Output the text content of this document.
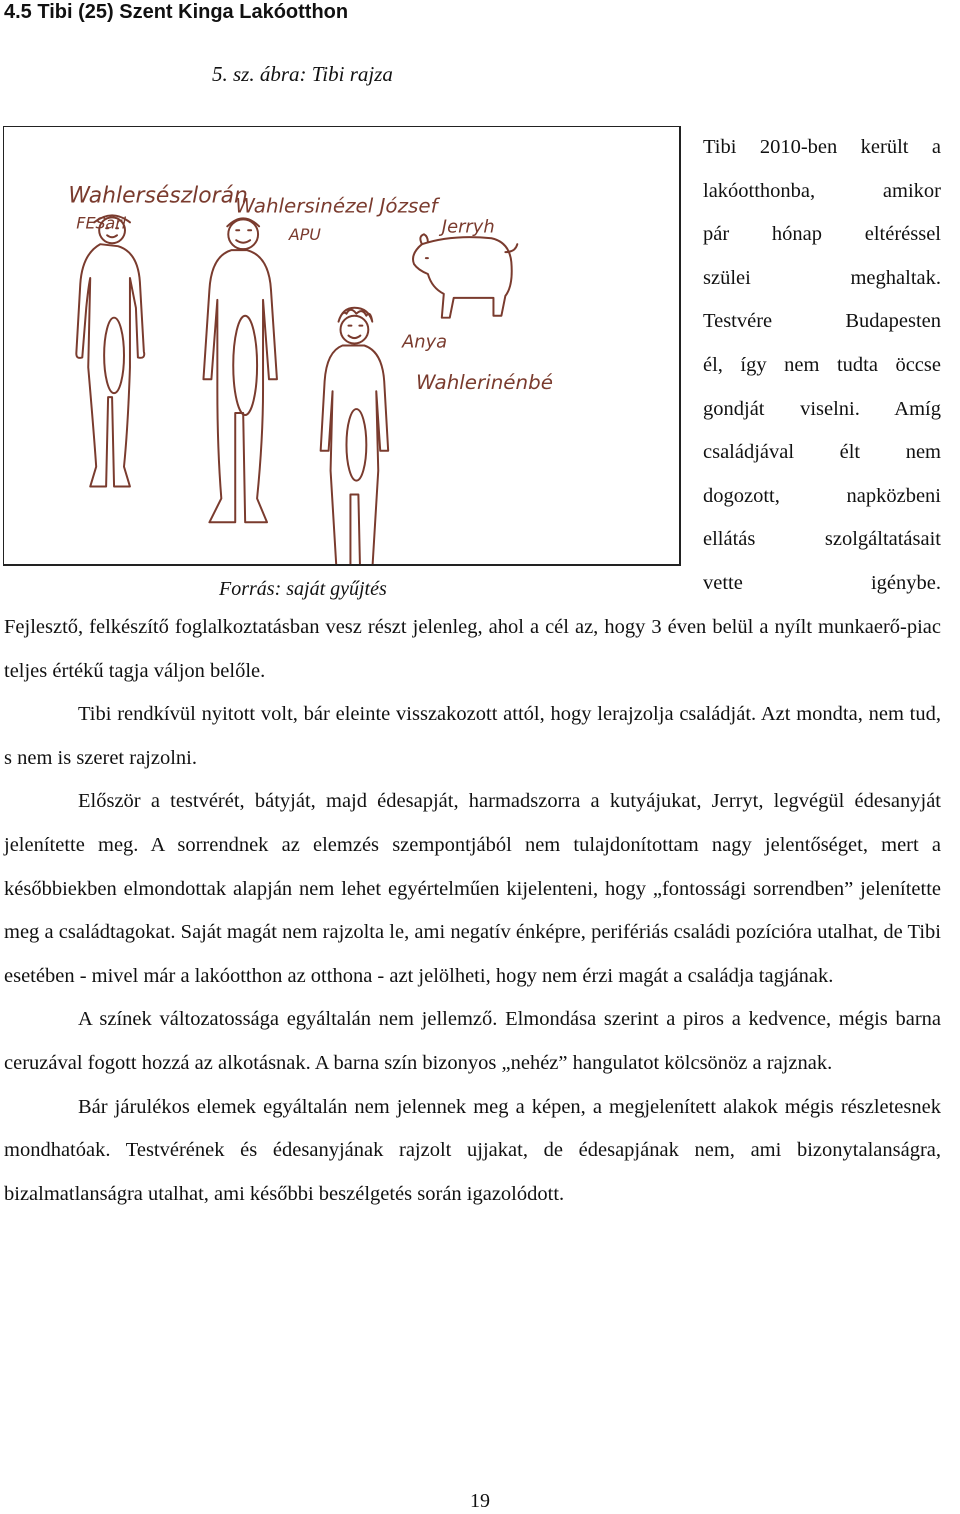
4.5 Tibi (25) Szent Kinga Lakóotthon
5. sz. ábra: Tibi rajza
Wahlersészlorán
FESari
Wahlersinézel József
APU	Jerryh
Anya
Wahlerinénbé
Forrás: saját gyűjtés
Tibi 2010-ben került a
lakóotthonba, amikor
pár hónap eltéréssel
szülei meghaltak.
Testvére Budapesten
él, így nem tudta öccse
gondját viselni. Amíg
családjával élt nem
dogozott, napközbeni
ellátás szolgáltatásait
vette igénybe.

Fejlesztő, felkészítő foglalkoztatásban vesz részt jelenleg, ahol a cél az, hogy 3 éven belül a nyílt munkaerő-piac teljes értékű tagja váljon belőle.

Tibi rendkívül nyitott volt, bár eleinte visszakozott attól, hogy lerajzolja családját. Azt mondta, nem tud, s nem is szeret rajzolni.

Először a testvérét, bátyját, majd édesapját, harmadszorra a kutyájukat, Jerryt, legvégül édesanyját jelenítette meg. A sorrendnek az elemzés szempontjából nem tulajdonítottam nagy jelentőséget, mert a későbbiekben elmondottak alapján nem lehet egyértelműen kijelenteni, hogy „fontossági sorrendben” jelenítette meg a családtagokat. Saját magát nem rajzolta le, ami negatív énképre, perifériás családi pozícióra utalhat, de Tibi esetében - mivel már a lakóotthon az otthona - azt jelölheti, hogy nem érzi magát a családja tagjának.

A színek változatossága egyáltalán nem jellemző. Elmondása szerint a piros a kedvence, mégis barna ceruzával fogott hozzá az alkotásnak. A barna szín bizonyos „nehéz” hangulatot kölcsönöz a rajznak.

Bár járulékos elemek egyáltalán nem jelennek meg a képen, a megjelenített alakok mégis részletesnek mondhatóak. Testvérének és édesanyjának rajzolt ujjakat, de édesapjának nem, ami bizonytalanságra, bizalmatlanságra utalhat, ami későbbi beszélgetés során igazolódott.

19
